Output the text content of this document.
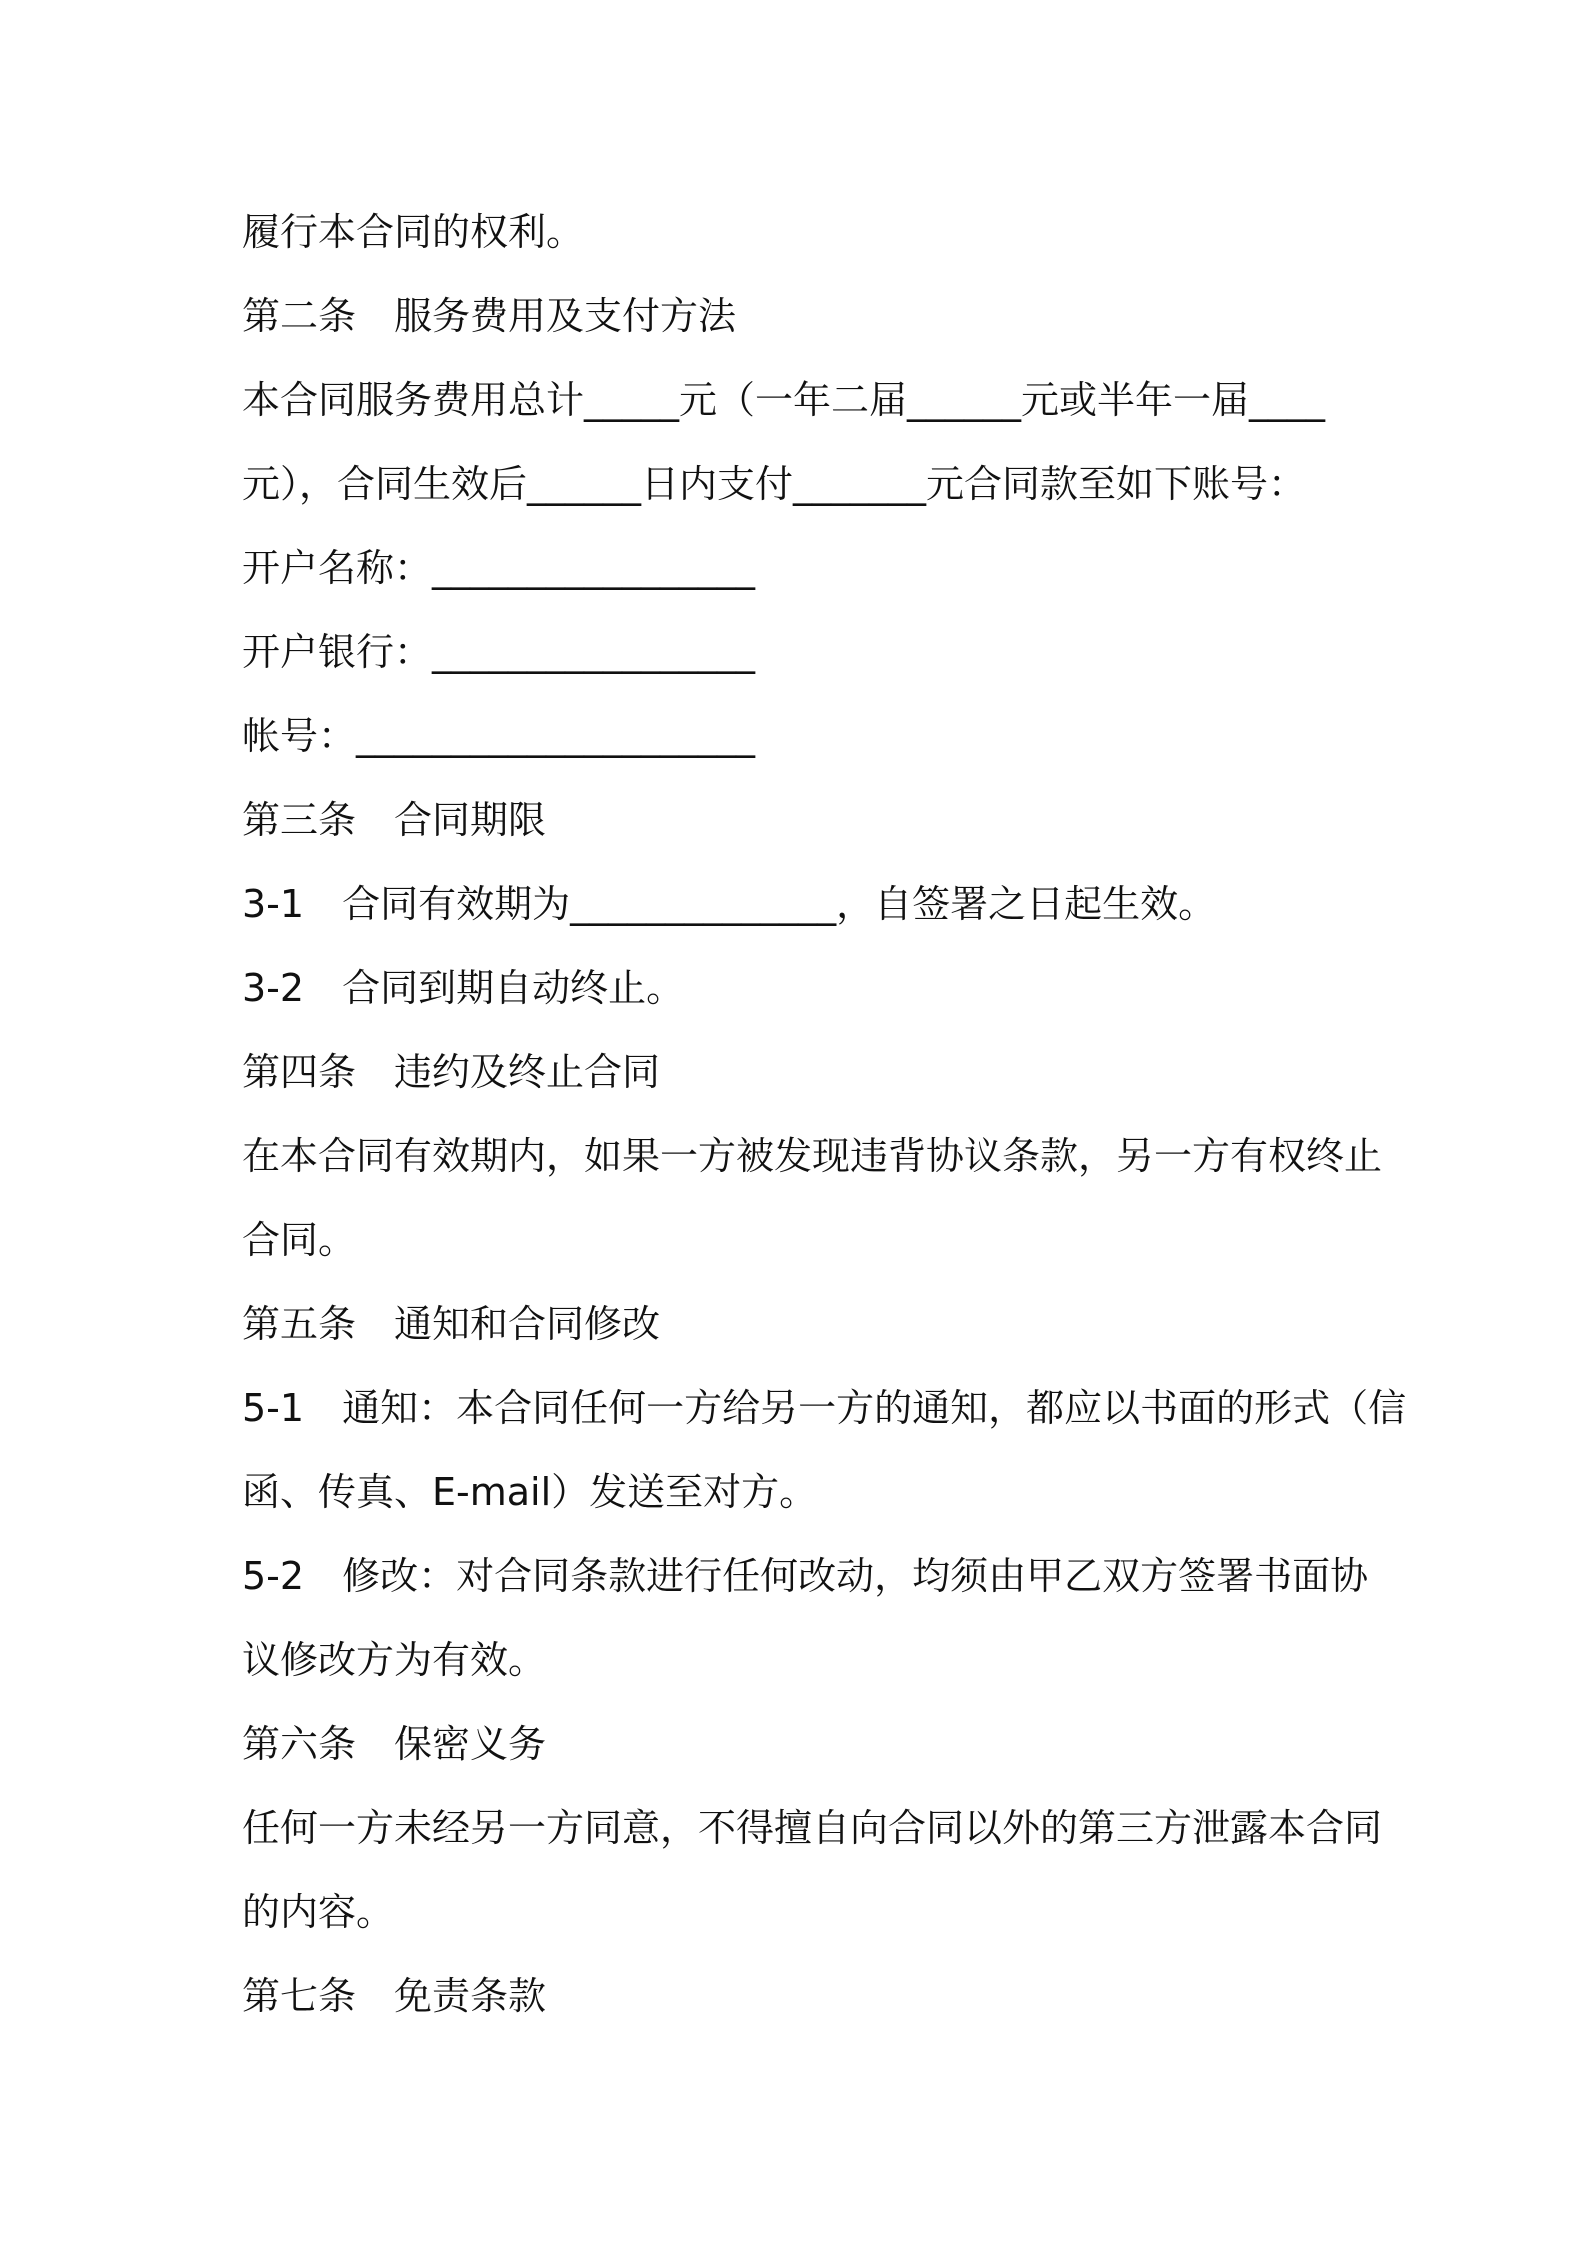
履行本合同的权利。
第二条　服务费用及支付方法
本合同服务费用总计_____元（一年二届______元或半年一届____
元），合同生效后______日内支付_______元合同款至如下账号：
开户名称：_________________
开户银行：_________________
帐号：_____________________
第三条　合同期限
3-1　合同有效期为______________，自签署之日起生效。
3-2　合同到期自动终止。
第四条　违约及终止合同
在本合同有效期内，如果一方被发现违背协议条款，另一方有权终止
合同。
第五条　通知和合同修改
5-1　通知：本合同任何一方给另一方的通知，都应以书面的形式（信
函、传真、E-mail）发送至对方。
5-2　修改：对合同条款进行任何改动，均须由甲乙双方签署书面协
议修改方为有效。
第六条　保密义务
任何一方未经另一方同意，不得擅自向合同以外的第三方泄露本合同
的内容。
第七条　免责条款
